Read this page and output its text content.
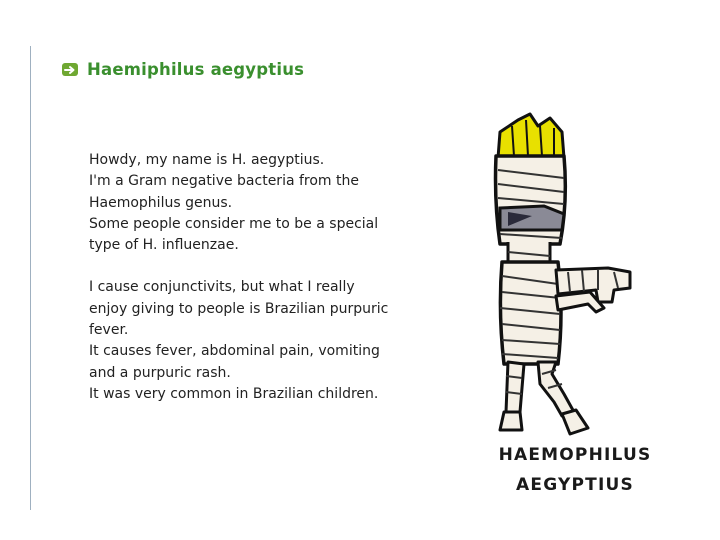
Haemiphilus aegyptius

Howdy, my name is H. aegyptius.
I'm a Gram negative bacteria from the
Haemophilus genus.
Some people consider me to be a special
type of H. influenzae.

I cause conjunctivits, but what I really
enjoy giving to people is Brazilian purpuric
fever.
It causes fever, abdominal pain, vomiting
and a purpuric rash.
It was very common in Brazilian children.

HAEMOPHILUS
AEGYPTIUS
